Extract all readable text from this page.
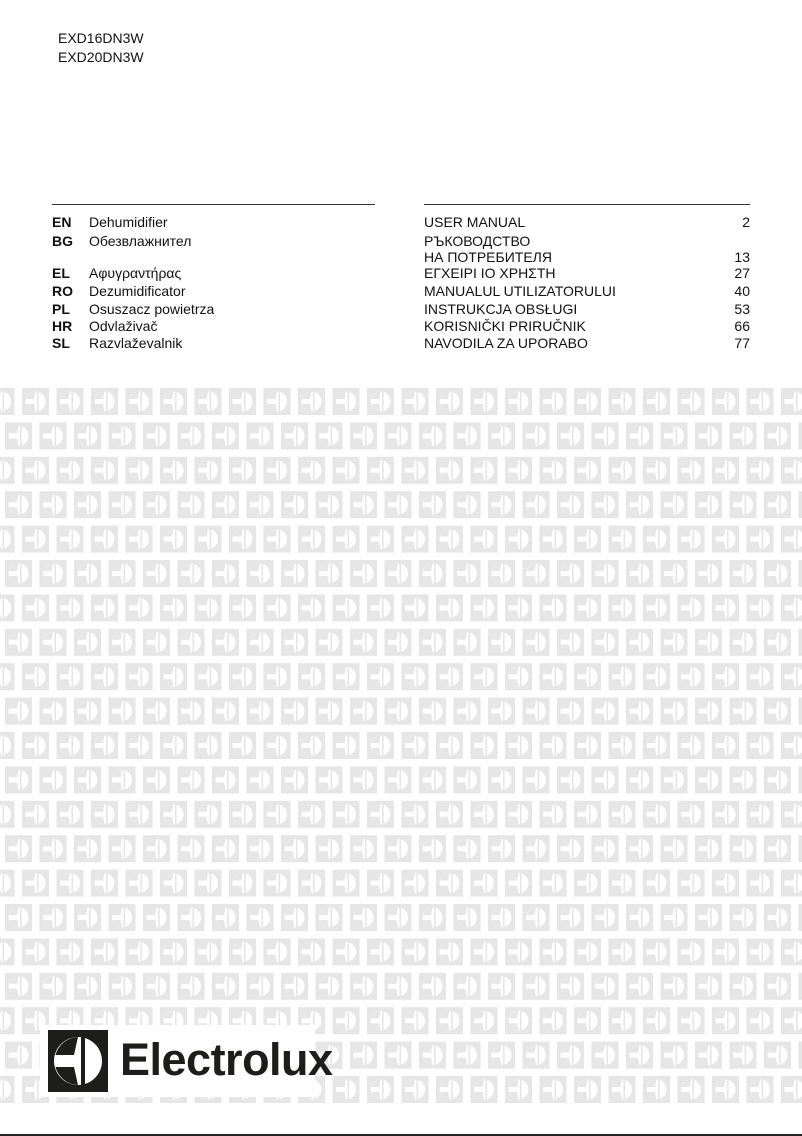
EXD16DN3W
EXD20DN3W
EN Dehumidifier
BG Обезвлажнител
EL Αφυγραντήρας
RO Dezumidificator
PL Osuszacz powietrza
HR Odvlaživač
SL Razvlaževalnik
USER MANUAL	2
РЪКОВОДСТВО
НА ПОТРЕБИТЕЛЯ	13
ΕΓΧΕΙΡΙ ΙΟ ΧΡΗΣΤΗ	27
MANUALUL UTILIZATORULUI	40
INSTRUKCJA OBSŁUGI	53
KORISNIČKI PRIRUČNIK	66
NAVODILA ZA UPORABO	77
Electrolux
